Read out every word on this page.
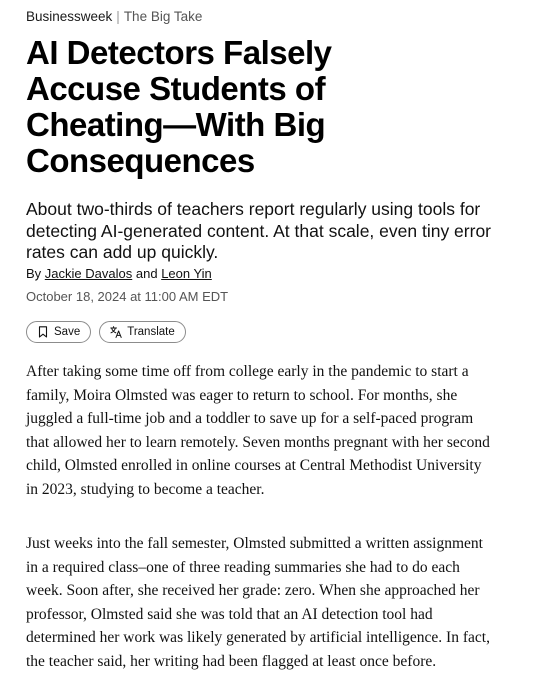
Businessweek | The Big Take
AI Detectors Falsely Accuse Students of Cheating—With Big Consequences

About two-thirds of teachers report regularly using tools for detecting AI-generated content. At that scale, even tiny error rates can add up quickly.

By Jackie Davalos and Leon Yin
October 18, 2024 at 11:00 AM EDT
Save	Translate

After taking some time off from college early in the pandemic to start a family, Moira Olmsted was eager to return to school. For months, she juggled a full-time job and a toddler to save up for a self-paced program that allowed her to learn remotely. Seven months pregnant with her second child, Olmsted enrolled in online courses at Central Methodist University in 2023, studying to become a teacher.

Just weeks into the fall semester, Olmsted submitted a written assignment in a required class–one of three reading summaries she had to do each week. Soon after, she received her grade: zero. When she approached her professor, Olmsted said she was told that an AI detection tool had determined her work was likely generated by artificial intelligence. In fact, the teacher said, her writing had been flagged at least once before.
